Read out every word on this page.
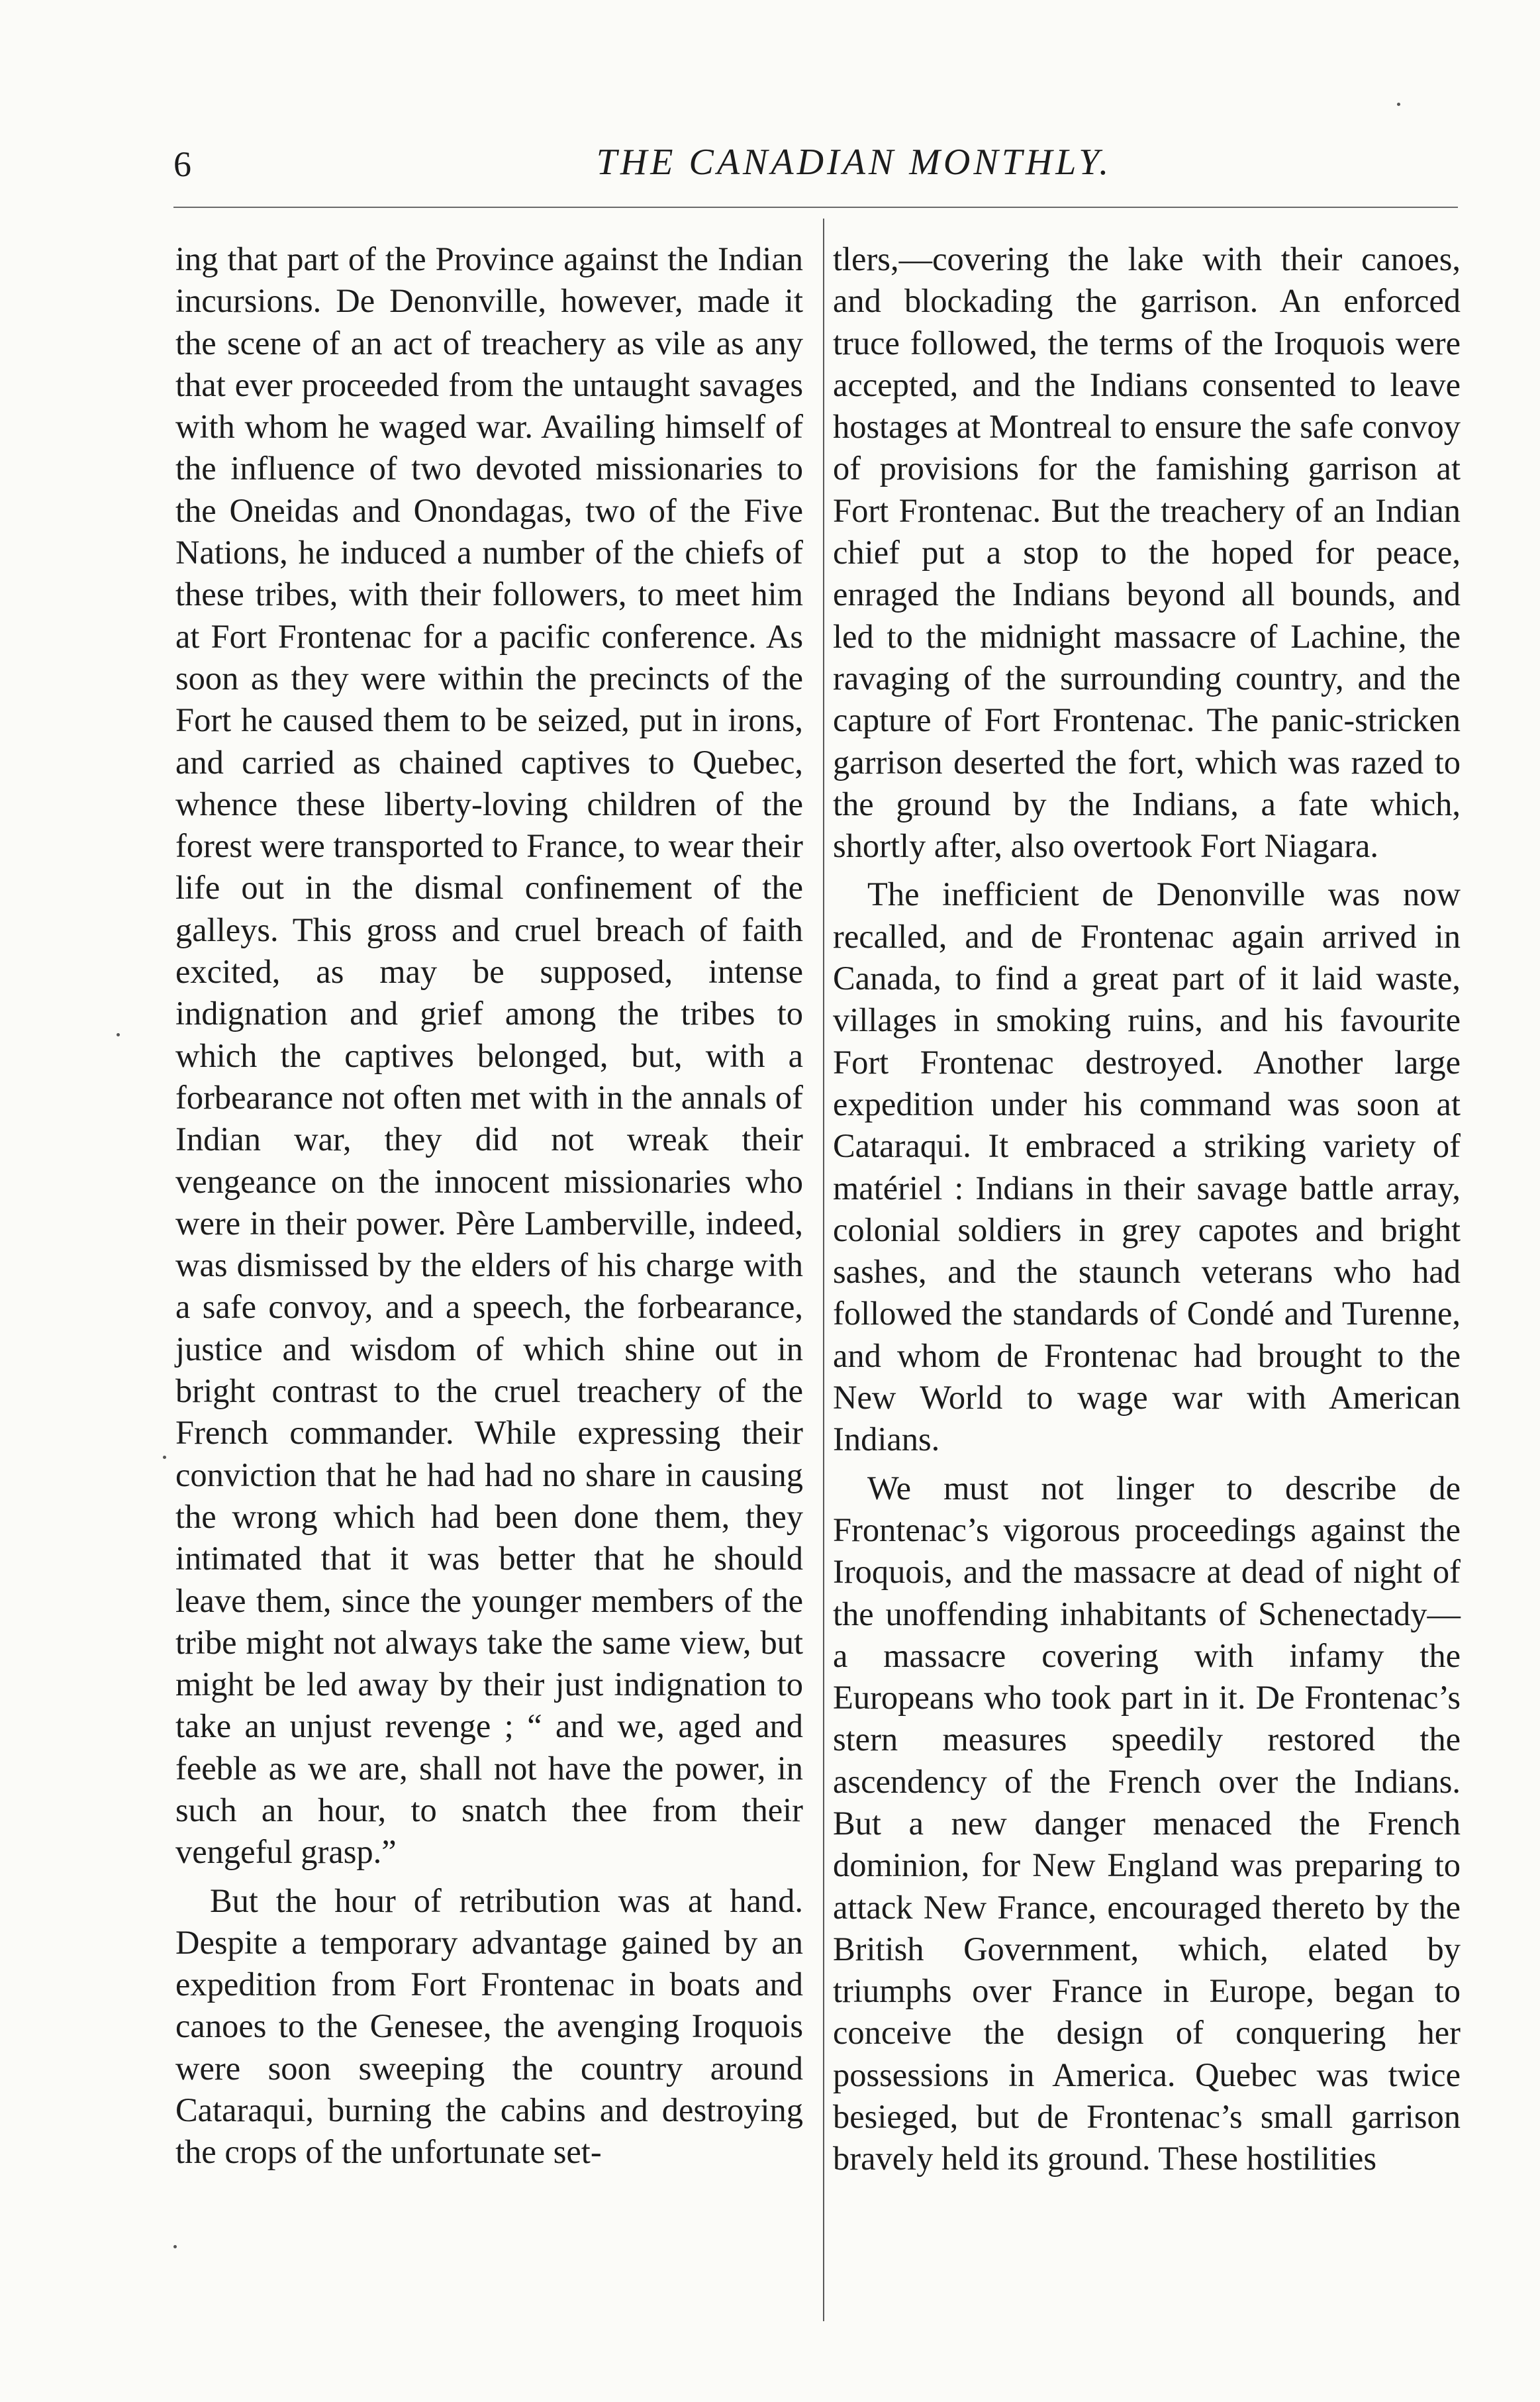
6	THE CANADIAN MONTHLY.

ing that part of the Province against the Indian incursions. De Denonville, however, made it the scene of an act of treachery as vile as any that ever proceeded from the untaught savages with whom he waged war. Availing himself of the influence of two devoted missionaries to the Oneidas and Onondagas, two of the Five Nations, he induced a number of the chiefs of these tribes, with their followers, to meet him at Fort Frontenac for a pacific conference. As soon as they were within the precincts of the Fort he caused them to be seized, put in irons, and carried as chained captives to Quebec, whence these liberty-loving children of the forest were transported to France, to wear their life out in the dismal confinement of the galleys. This gross and cruel breach of faith excited, as may be supposed, intense indignation and grief among the tribes to which the captives belonged, but, with a forbearance not often met with in the annals of Indian war, they did not wreak their vengeance on the innocent missionaries who were in their power. Père Lamberville, indeed, was dismissed by the elders of his charge with a safe convoy, and a speech, the forbearance, justice and wisdom of which shine out in bright contrast to the cruel treachery of the French commander. While expressing their conviction that he had had no share in causing the wrong which had been done them, they intimated that it was better that he should leave them, since the younger members of the tribe might not always take the same view, but might be led away by their just indignation to take an unjust revenge ; “ and we, aged and feeble as we are, shall not have the power, in such an hour, to snatch thee from their vengeful grasp.”

But the hour of retribution was at hand. Despite a temporary advantage gained by an expedition from Fort Frontenac in boats and canoes to the Genesee, the avenging Iroquois were soon sweeping the country around Cataraqui, burning the cabins and destroying the crops of the unfortunate set-

tlers,—covering the lake with their canoes, and blockading the garrison. An enforced truce followed, the terms of the Iroquois were accepted, and the Indians consented to leave hostages at Montreal to ensure the safe convoy of provisions for the famishing garrison at Fort Frontenac. But the treachery of an Indian chief put a stop to the hoped for peace, enraged the Indians beyond all bounds, and led to the midnight massacre of Lachine, the ravaging of the surrounding country, and the capture of Fort Frontenac. The panic-stricken garrison deserted the fort, which was razed to the ground by the Indians, a fate which, shortly after, also overtook Fort Niagara.

The inefficient de Denonville was now recalled, and de Frontenac again arrived in Canada, to find a great part of it laid waste, villages in smoking ruins, and his favourite Fort Frontenac destroyed. Another large expedition under his command was soon at Cataraqui. It embraced a striking variety of matériel : Indians in their savage battle array, colonial soldiers in grey capotes and bright sashes, and the staunch veterans who had followed the standards of Condé and Turenne, and whom de Frontenac had brought to the New World to wage war with American Indians.

We must not linger to describe de Frontenac’s vigorous proceedings against the Iroquois, and the massacre at dead of night of the unoffending inhabitants of Schenectady—a massacre covering with infamy the Europeans who took part in it. De Frontenac’s stern measures speedily restored the ascendency of the French over the Indians. But a new danger menaced the French dominion, for New England was preparing to attack New France, encouraged thereto by the British Government, which, elated by triumphs over France in Europe, began to conceive the design of conquering her possessions in America. Quebec was twice besieged, but de Frontenac’s small garrison bravely held its ground. These hostilities
